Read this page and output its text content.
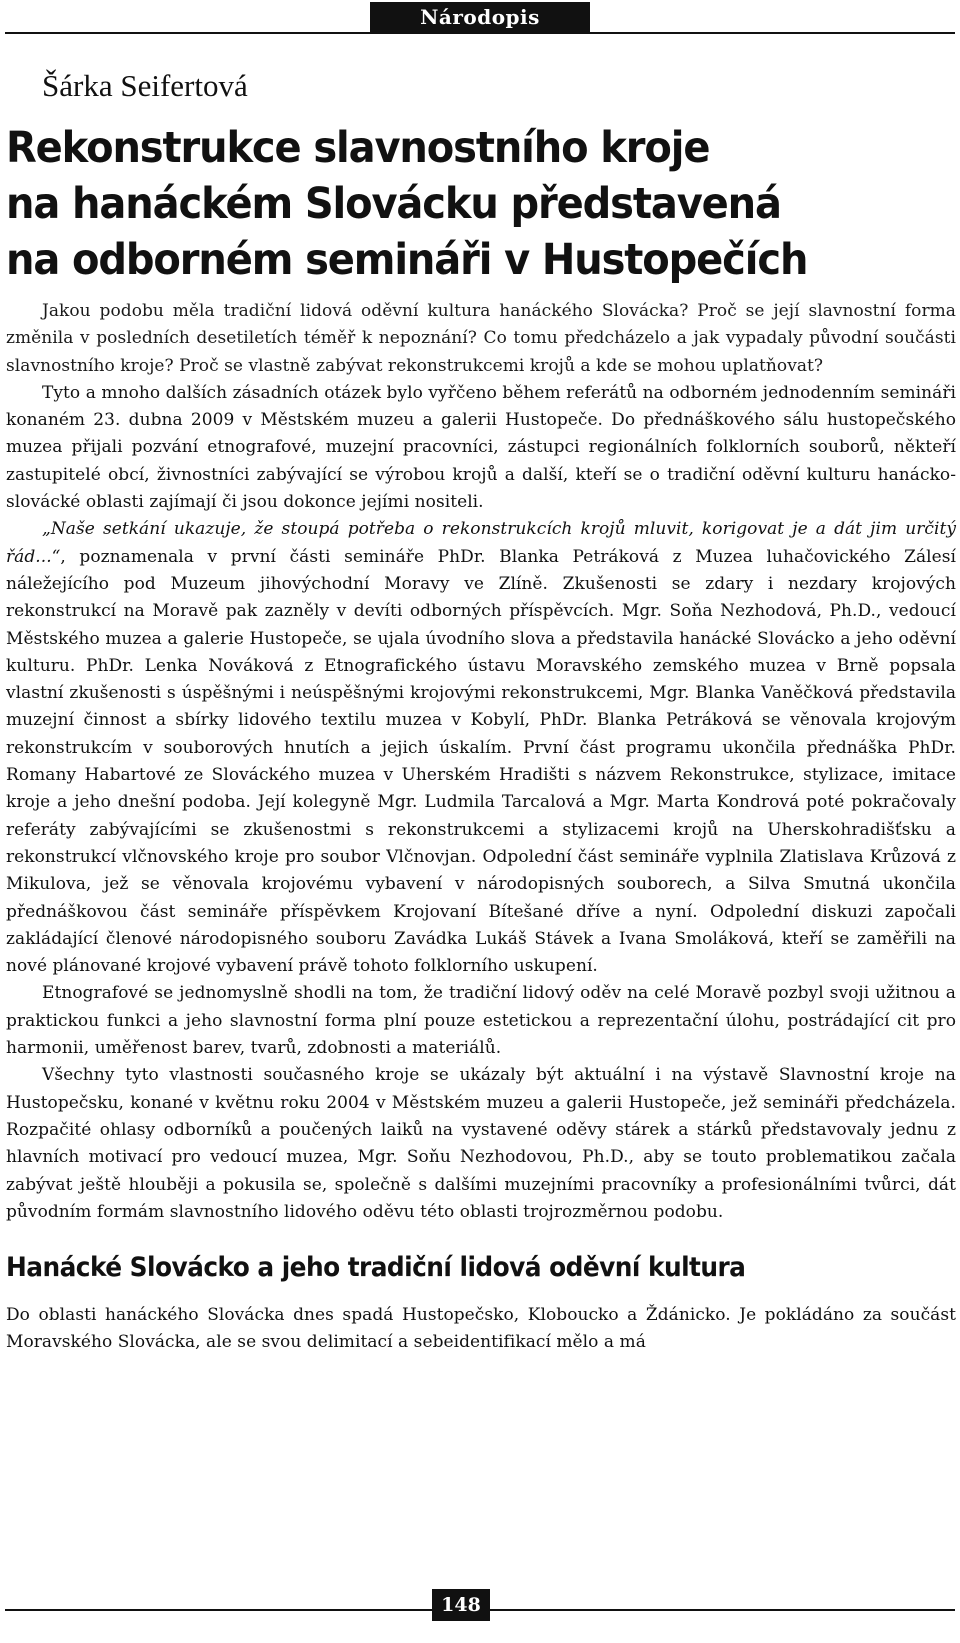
Národopis
Šárka Seifertová
Rekonstrukce slavnostního kroje
na hanáckém Slovácku představená
na odborném semináři v Hustopečích

Jakou podobu měla tradiční lidová oděvní kultura hanáckého Slovácka? Proč se její slavnostní forma změnila v posledních desetiletích téměř k nepoznání? Co tomu předcházelo a jak vypadaly původní součásti slavnostního kroje? Proč se vlastně zabývat rekonstrukcemi krojů a kde se mohou uplatňovat?

Tyto a mnoho dalších zásadních otázek bylo vyřčeno během referátů na odborném jednodenním semináři konaném 23. dubna 2009 v Městském muzeu a galerii Hustopeče. Do přednáškového sálu hustopečského muzea přijali pozvání etnografové, muzejní pracovníci, zástupci regionálních folklorních souborů, někteří zastupitelé obcí, živnostníci zabývající se výrobou krojů a další, kteří se o tradiční oděvní kulturu hanácko-slovácké oblasti zajímají či jsou dokonce jejími nositeli.

„Naše setkání ukazuje, že stoupá potřeba o rekonstrukcích krojů mluvit, korigovat je a dát jim určitý řád...“, poznamenala v první části semináře PhDr. Blanka Petráková z Muzea luhačovického Zálesí náležejícího pod Muzeum jihovýchodní Moravy ve Zlíně. Zkušenosti se zdary i nezdary krojových rekonstrukcí na Moravě pak zazněly v devíti odborných příspěvcích. Mgr. Soňa Nezhodová, Ph.D., vedoucí Městského muzea a galerie Hustopeče, se ujala úvodního slova a představila hanácké Slovácko a jeho oděvní kulturu. PhDr. Lenka Nováková z Etnografického ústavu Moravského zemského muzea v Brně popsala vlastní zkušenosti s úspěšnými i neúspěšnými krojovými rekonstrukcemi, Mgr. Blanka Vaněčková představila muzejní činnost a sbírky lidového textilu muzea v Kobylí, PhDr. Blanka Petráková se věnovala krojovým rekonstrukcím v souborových hnutích a jejich úskalím. První část programu ukončila přednáška PhDr. Romany Habartové ze Slováckého muzea v Uherském Hradišti s názvem Rekonstrukce, stylizace, imitace kroje a jeho dnešní podoba. Její kolegyně Mgr. Ludmila Tarcalová a Mgr. Marta Kondrová poté pokračovaly referáty zabývajícími se zkušenostmi s rekonstrukcemi a stylizacemi krojů na Uherskohradišťsku a rekonstrukcí vlčnovského kroje pro soubor Vlčnovjan. Odpolední část semináře vyplnila Zlatislava Krůzová z Mikulova, jež se věnovala krojovému vybavení v národopisných souborech, a Silva Smutná ukončila přednáškovou část semináře příspěvkem Krojovaní Bítešané dříve a nyní. Odpolední diskuzi započali zakládající členové národopisného souboru Zavádka Lukáš Stávek a Ivana Smoláková, kteří se zaměřili na nové plánované krojové vybavení právě tohoto folklorního uskupení.

Etnografové se jednomyslně shodli na tom, že tradiční lidový oděv na celé Moravě pozbyl svoji užitnou a praktickou funkci a jeho slavnostní forma plní pouze estetickou a reprezentační úlohu, postrádající cit pro harmonii, uměřenost barev, tvarů, zdobnosti a materiálů.

Všechny tyto vlastnosti současného kroje se ukázaly být aktuální i na výstavě Slavnostní kroje na Hustopečsku, konané v květnu roku 2004 v Městském muzeu a galerii Hustopeče, jež semináři předcházela. Rozpačité ohlasy odborníků a poučených laiků na vystavené oděvy stárek a stárků představovaly jednu z hlavních motivací pro vedoucí muzea, Mgr. Soňu Nezhodovou, Ph.D., aby se touto problematikou začala zabývat ještě hlouběji a pokusila se, společně s dalšími muzejními pracovníky a profesionálními tvůrci, dát původním formám slavnostního lidového oděvu této oblasti trojrozměrnou podobu.

Hanácké Slovácko a jeho tradiční lidová oděvní kultura

Do oblasti hanáckého Slovácka dnes spadá Hustopečsko, Kloboucko a Ždánicko. Je pokládáno za součást Moravského Slovácka, ale se svou delimitací a sebeidentifikací mělo a má

148
